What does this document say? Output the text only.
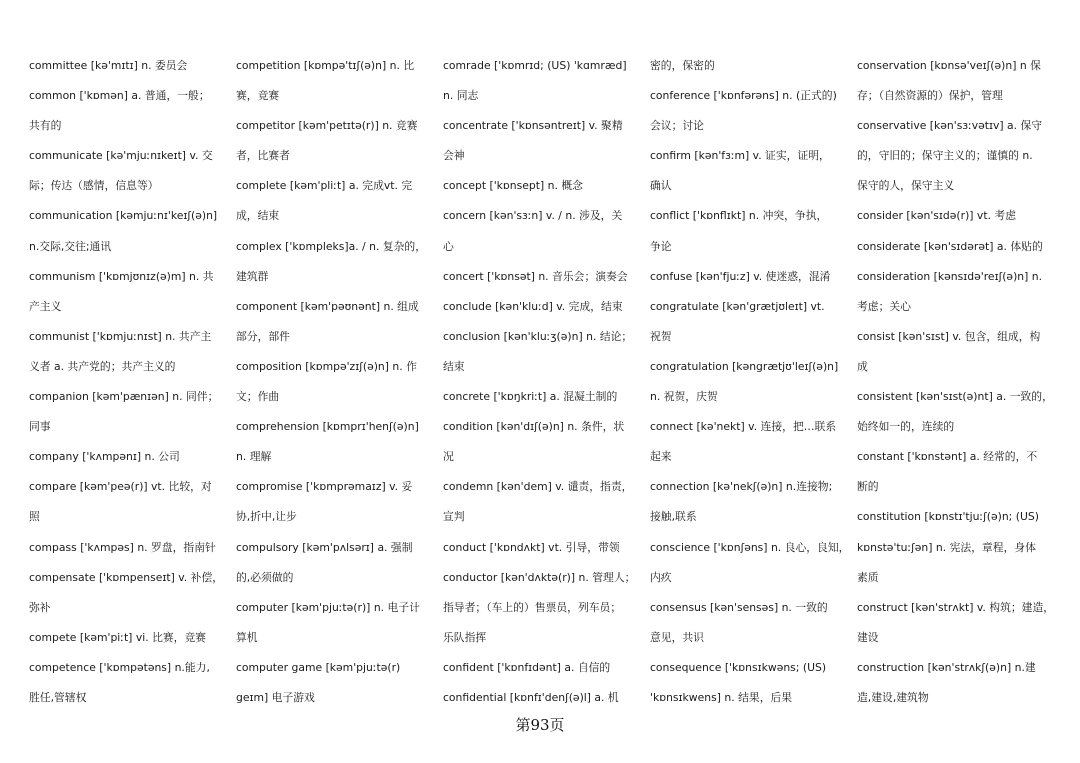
committee [kə'mɪtɪ] n. 委员会
common ['kɒmən] a. 普通，一般；
共有的
communicate [kə'mjuːnɪkeɪt] v. 交
际；传达（感情，信息等）
communication [kəmjuːnɪ'keɪʃ(ə)n]
n.交际,交往;通讯
communism ['kɒmjʊnɪz(ə)m] n. 共
产主义
communist ['kɒmjuːnɪst] n. 共产主
义者 a. 共产党的；共产主义的
companion [kəm'pænɪən] n. 同伴；
同事
company ['kʌmpənɪ] n. 公司
compare [kəm'peə(r)] vt. 比较，对
照
compass ['kʌmpəs] n. 罗盘，指南针
compensate ['kɒmpenseɪt] v. 补偿，
弥补
compete [kəm'piːt] vi. 比赛，竞赛
competence ['kɒmpətəns] n.能力,
胜任,管辖权
competition [kɒmpə'tɪʃ(ə)n] n. 比
赛，竞赛
competitor [kəm'petɪtə(r)] n. 竞赛
者，比赛者
complete [kəm'pliːt] a. 完成vt. 完
成，结束
complex ['kɒmpleks]a. / n. 复杂的，
建筑群
component [kəm'pəʊnənt] n. 组成
部分，部件
composition [kɒmpə'zɪʃ(ə)n] n. 作
文；作曲
comprehension [kɒmprɪ'henʃ(ə)n]
n. 理解
compromise ['kɒmprəmaɪz] v. 妥
协,折中,让步
compulsory [kəm'pʌlsərɪ] a. 强制
的,必须做的
computer [kəm'pjuːtə(r)] n. 电子计
算机
computer game [kəm'pjuːtə(r)
geɪm] 电子游戏
comrade ['kɒmrɪd; (US) 'kɑmræd]
n. 同志
concentrate ['kɒnsəntreɪt] v. 聚精
会神
concept ['kɒnsept] n. 概念
concern [kən'sɜːn] v. / n. 涉及，关
心
concert ['kɒnsət] n. 音乐会；演奏会
conclude [kən'kluːd] v. 完成，结束
conclusion [kən'kluːʒ(ə)n] n. 结论；
结束
concrete ['kɒŋkriːt] a. 混凝土制的
condition [kən'dɪʃ(ə)n] n. 条件，状
况
condemn [kən'dem] v. 谴责，指责，
宣判
conduct ['kɒndʌkt] vt. 引导，带领
conductor [kən'dʌktə(r)] n. 管理人；
指导者；（车上的）售票员，列车员；
乐队指挥
confident ['kɒnfɪdənt] a. 自信的
confidential [kɒnfɪ'denʃ(ə)l] a. 机
密的，保密的
conference ['kɒnfərəns] n. (正式的)
会议；讨论
confirm [kən'fɜːm] v. 证实，证明，
确认
conflict ['kɒnflɪkt] n. 冲突，争执，
争论
confuse [kən'fjuːz] v. 使迷惑，混淆
congratulate [kən'grætjʊleɪt] vt.
祝贺
congratulation [kəngrætjʊ'leɪʃ(ə)n]
n. 祝贺，庆贺
connect [kə'nekt] v. 连接，把…联系
起来
connection [kə'nekʃ(ə)n] n.连接物;
接触,联系
conscience ['kɒnʃəns] n. 良心，良知，
内疚
consensus [kən'sensəs] n. 一致的
意见，共识
consequence ['kɒnsɪkwəns; (US)
'kɒnsɪkwens] n. 结果，后果
conservation [kɒnsə'veɪʃ(ə)n] n 保
存；（自然资源的）保护，管理
conservative [kən'sɜːvətɪv] a. 保守
的，守旧的；保守主义的；谨慎的 n.
保守的人，保守主义
consider [kən'sɪdə(r)] vt. 考虑
considerate [kən'sɪdərət] a. 体贴的
consideration [kənsɪdə'reɪʃ(ə)n] n.
考虑；关心
consist [kən'sɪst] v. 包含，组成，构
成
consistent [kən'sɪst(ə)nt] a. 一致的，
始终如一的，连续的
constant ['kɒnstənt] a. 经常的，不
断的
constitution [kɒnstɪ'tjuːʃ(ə)n; (US)
kɒnstə'tuːʃən] n. 宪法，章程，身体
素质
construct [kən'strʌkt] v. 构筑；建造，
建设
construction [kən'strʌkʃ(ə)n] n.建
造,建设,建筑物
第93页
